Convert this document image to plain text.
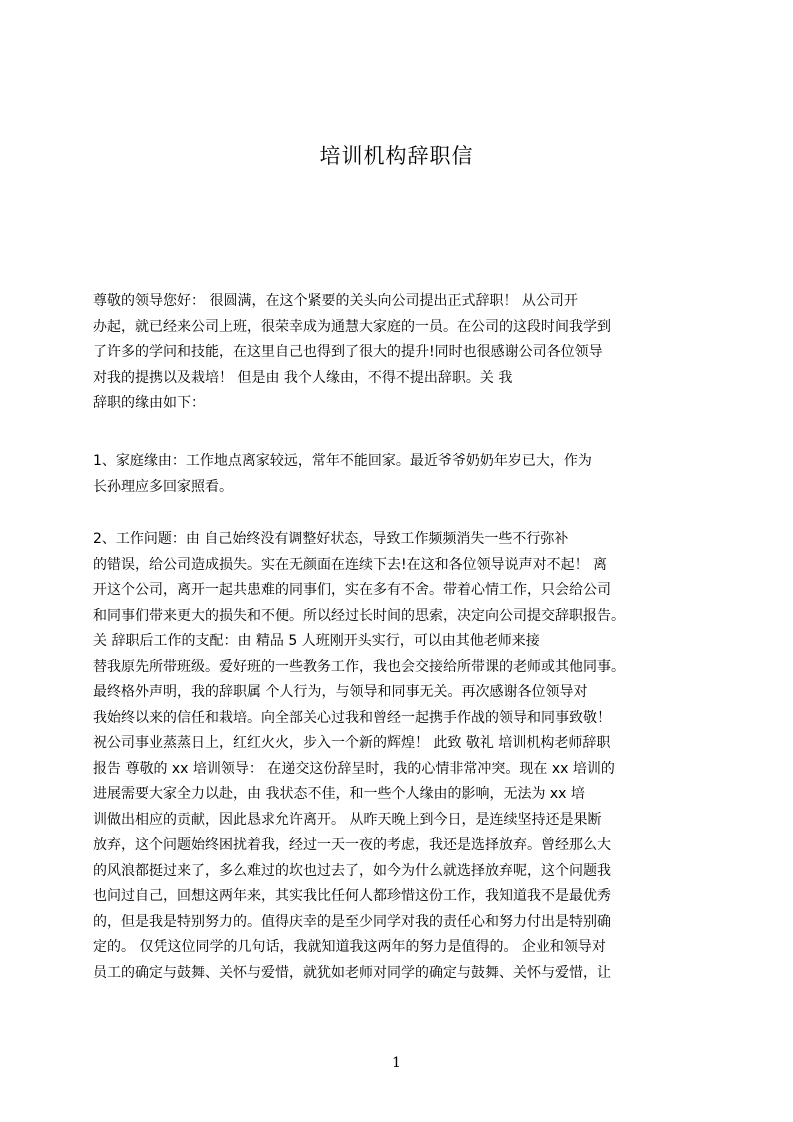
培训机构辞职信
尊敬的领导您好： 很圆满，在这个紧要的关头向公司提出正式辞职！ 从公司开
办起，就已经来公司上班，很荣幸成为通慧大家庭的一员。在公司的这段时间我学到
了许多的学问和技能，在这里自己也得到了很大的提升!同时也很感谢公司各位领导
对我的提携以及栽培！ 但是由 我个人缘由，不得不提出辞职。关 我
辞职的缘由如下：
1、家庭缘由：工作地点离家较远，常年不能回家。最近爷爷奶奶年岁已大，作为
长孙理应多回家照看。
2、工作问题：由 自己始终没有调整好状态，导致工作频频消失一些不行弥补
的错误，给公司造成损失。实在无颜面在连续下去!在这和各位领导说声对不起！ 离
开这个公司，离开一起共患难的同事们，实在多有不舍。带着心情工作，只会给公司
和同事们带来更大的损失和不便。所以经过长时间的思索，决定向公司提交辞职报告。
关 辞职后工作的支配：由 精品 5 人班刚开头实行，可以由其他老师来接
替我原先所带班级。爱好班的一些教务工作，我也会交接给所带课的老师或其他同事。
最终格外声明，我的辞职属 个人行为，与领导和同事无关。再次感谢各位领导对
我始终以来的信任和栽培。向全部关心过我和曾经一起携手作战的领导和同事致敬！
祝公司事业蒸蒸日上，红红火火，步入一个新的辉煌！ 此致 敬礼 培训机构老师辞职
报告 尊敬的 xx 培训领导： 在递交这份辞呈时，我的心情非常冲突。现在 xx 培训的
进展需要大家全力以赴，由 我状态不佳，和一些个人缘由的影响，无法为 xx 培
训做出相应的贡献，因此恳求允许离开。 从昨天晚上到今日，是连续坚持还是果断
放弃，这个问题始终困扰着我，经过一天一夜的考虑，我还是选择放弃。曾经那么大
的风浪都挺过来了，多么难过的坎也过去了，如今为什么就选择放弃呢，这个问题我
也问过自己，回想这两年来，其实我比任何人都珍惜这份工作，我知道我不是最优秀
的，但是我是特别努力的。值得庆幸的是至少同学对我的责任心和努力付出是特别确
定的。 仅凭这位同学的几句话，我就知道我这两年的努力是值得的。 企业和领导对
员工的确定与鼓舞、关怀与爱惜，就犹如老师对同学的确定与鼓舞、关怀与爱惜，让
1
